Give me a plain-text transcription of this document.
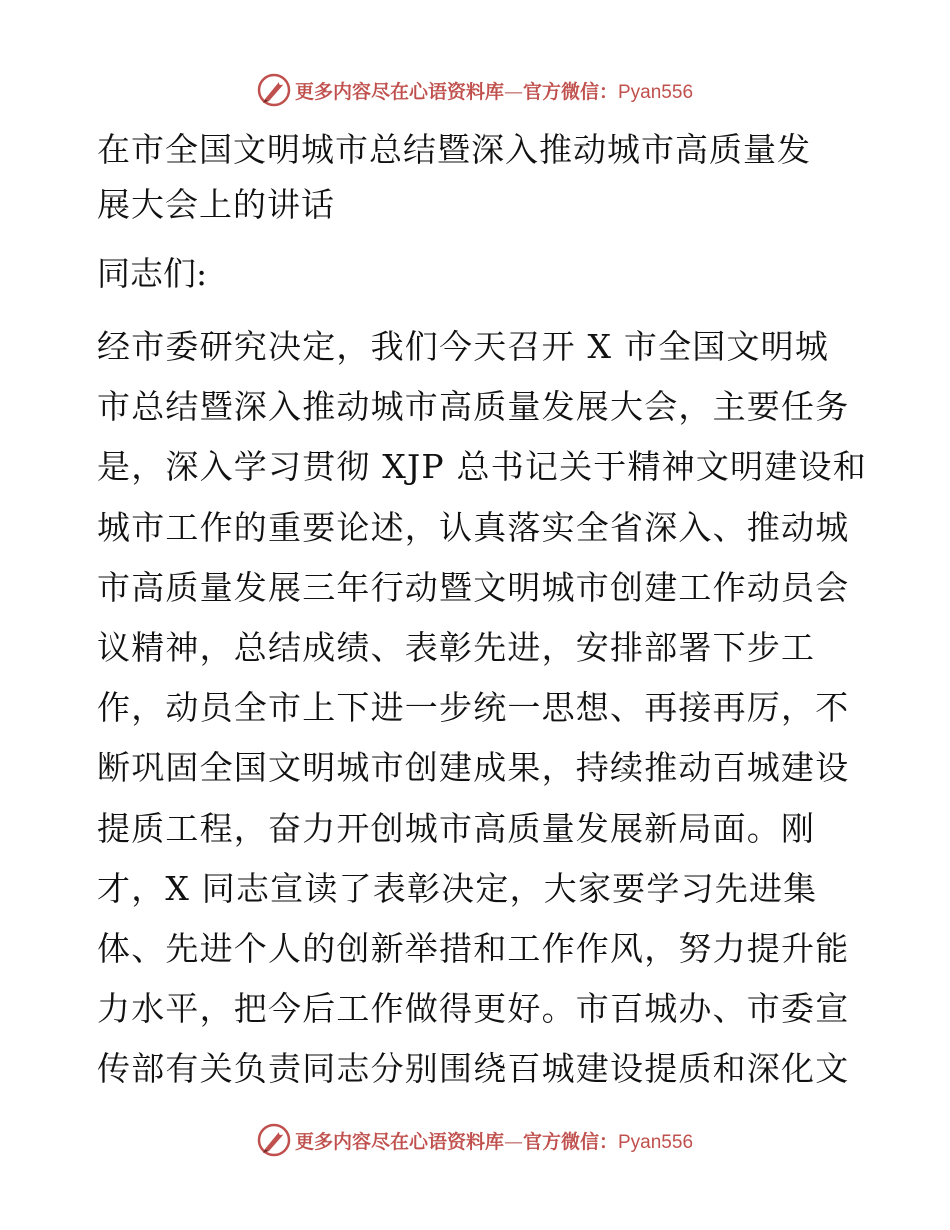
更多内容尽在心语资料库—官方微信：Pyan556
在市全国文明城市总结暨深入推动城市高质量发
展大会上的讲话
同志们:

经市委研究决定，我们今天召开 X 市全国文明城
市总结暨深入推动城市高质量发展大会，主要任务
是，深入学习贯彻 XJP 总书记关于精神文明建设和
城市工作的重要论述，认真落实全省深入、推动城
市高质量发展三年行动暨文明城市创建工作动员会
议精神，总结成绩、表彰先进，安排部署下步工
作，动员全市上下进一步统一思想、再接再厉，不
断巩固全国文明城市创建成果，持续推动百城建设
提质工程，奋力开创城市高质量发展新局面。刚
才，X 同志宣读了表彰决定，大家要学习先进集
体、先进个人的创新举措和工作作风，努力提升能
力水平，把今后工作做得更好。市百城办、市委宣
传部有关负责同志分别围绕百城建设提质和深化文

更多内容尽在心语资料库—官方微信：Pyan556
